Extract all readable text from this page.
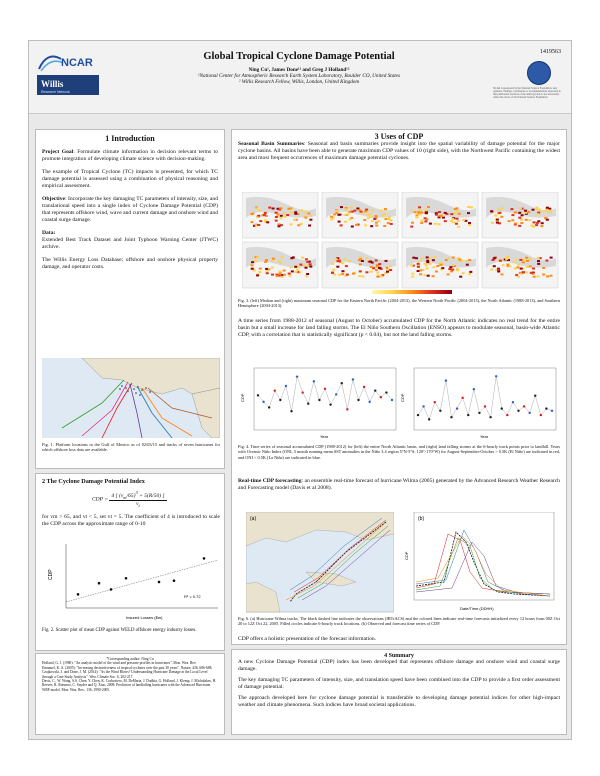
NCAR
Willis
Research Network
Global Tropical Cyclone Damage Potential
Ning Cu¹, James Done¹² and Greg J Holland¹²
¹National Center for Atmospheric Research Earth System Laboratory, Boulder CO, United States
² Willis Research Fellow, Willis, London, United Kingdom
1419563
NCAR is sponsored by the National Science Foundation. Any opinions, findings, conclusions or recommendations expressed in this publication are those of the author(s) and do not necessarily reflect the views of the National Science Foundation.
1 Introduction

Project Goal: Formulate climate information in decision relevant terms to promote integration of developing climate science with decision-making.

The example of Tropical Cyclone (TC) impacts is presented, for which TC damage potential is assessed using a combination of physical reasoning and empirical assessment.

Objective: Incorporate the key damaging TC parameters of intensity, size, and translational speed into a single index of Cyclone Damage Potential (CDP) that represents offshore wind, wave and current damage and onshore wind and coastal surge damage.

Data:

Extended Best Track Dataset and Joint Typhoon Warning Center (JTWC) archive.

The Willis Energy Loss Database; offshore and onshore physical property damage, and operator costs.

Fig. 1. Platform locations in the Gulf of Mexico as of 02/03/15 and tracks of seven hurricanes for which offshore loss data are available.

2 The Cyclone Damage Potential Index
CDP = $\frac{4 [ (v_m/65)^3 + 5(R/50) ]}{v_t}$

for vm > 65, and vt < 5, set vt = 5. The coefficient of 4 is introduced to scale the CDP across the approximate range of 0-10

CDP
Insured Losses ($m)
R² = 0.72

Fig. 2. Scatter plot of mean CDP against WELD offshore energy industry losses.

*Corresponding author: Ning Cu

Holland, G. J. (1980): "An analytic model of the wind and pressure profiles in hurricanes". Mon. Wea. Rev.

Emanuel, K. A. (2005): "Increasing destructiveness of tropical cyclones over the past 30 years". Nature, 436, 686-688.

Czajkowski, J. and Done, J. M. (2014): "As the Wind Blows? Understanding Hurricane Damage at the Local Level through a Case Study Analysis". Wea. Climate Soc. 6, 202-217.

Davis, C., W. Wang, S.S. Chen, Y. Chen, K. Corbosiero, M. DeMaria, J. Dudhia, G. Holland, J. Klemp, J. Michalakes, H. Reeves, R. Rotunno, C. Snyder and Q. Xiao, 2008: Prediction of landfalling hurricanes with the Advanced Hurricane WRF model. Mon. Wea. Rev., 136, 1990-2005.

3 Uses of CDP

Seasonal Basin Summaries: Seasonal and basin summaries provide insight into the spatial variability of damage potential for the major cyclone basins. All basins have been able to generate maximum CDP values of 10 (right side), with the Northwest Pacific containing the widest area and most frequent occurrences of maximum damage potential cyclones.

Fig. 3. (left) Median and (right) maximum seasonal CDP for the Eastern North Pacific (2004-2013), the Western North Pacific (2004-2013), the North Atlantic (1988-2013), and Southern Hemisphere (2004-2013).

A time series from 1988-2012 of seasonal (August to October) accumulated CDP for the North Atlantic indicates no real trend for the entire basin but a small increase for land falling storms. The El Niño Southern Oscillation (ENSO) appears to modulate seasonal, basin-wide Atlantic CDP, with a correlation that is statistically significant (p < 0.04), but not the land falling storms.

CDP
Year
CDP
Year

Fig. 4. Time series of seasonal accumulated CDP (1988-2012) for (left) the entire North Atlantic basin, and (right) land falling storms at the 6-hourly track points prior to landfall. Years with Oceanic Niño Index (ONI, 3 month running mean SST anomalies in the Niño 3.4 region 5°N-5°S, 120°-170°W) for August-September-October > 0.5K (El Niño) are indicated in red, and ONI < 0.5K (La Niña) are indicated in blue.

Real-time CDP forecasting: an ensemble real-time forecast of hurricane Wilma (2005) generated by the Advanced Research Weather Research and Forecasting model (Davis et al 2008).

(a)	(b)
CDP
Date/Time (DDHH)

Fig. 6. (a) Hurricane Wilma tracks. The black dashed line indicates the observations (IBTrACS) and the colored lines indicate real-time forecasts initialized every 12 hours from 00Z Oct 20 to 12Z Oct 22, 2005. Filled circles indicate 6-hourly track locations. (b) Observed and forecast time series of CDP.

CDP offers a holistic presentation of the forecast information.

4 Summary

A new Cyclone Damage Potential (CDP) index has been developed that represents offshore damage and onshore wind and coastal surge damage.

The key damaging TC parameters of intensity, size, and translation speed have been combined into the CDP to provide a first order assessment of damage potential.

The approach developed here for cyclone damage potential is transferable to developing damage potential indices for other high-impact weather and climate phenomena. Such indices have broad societal applications.
